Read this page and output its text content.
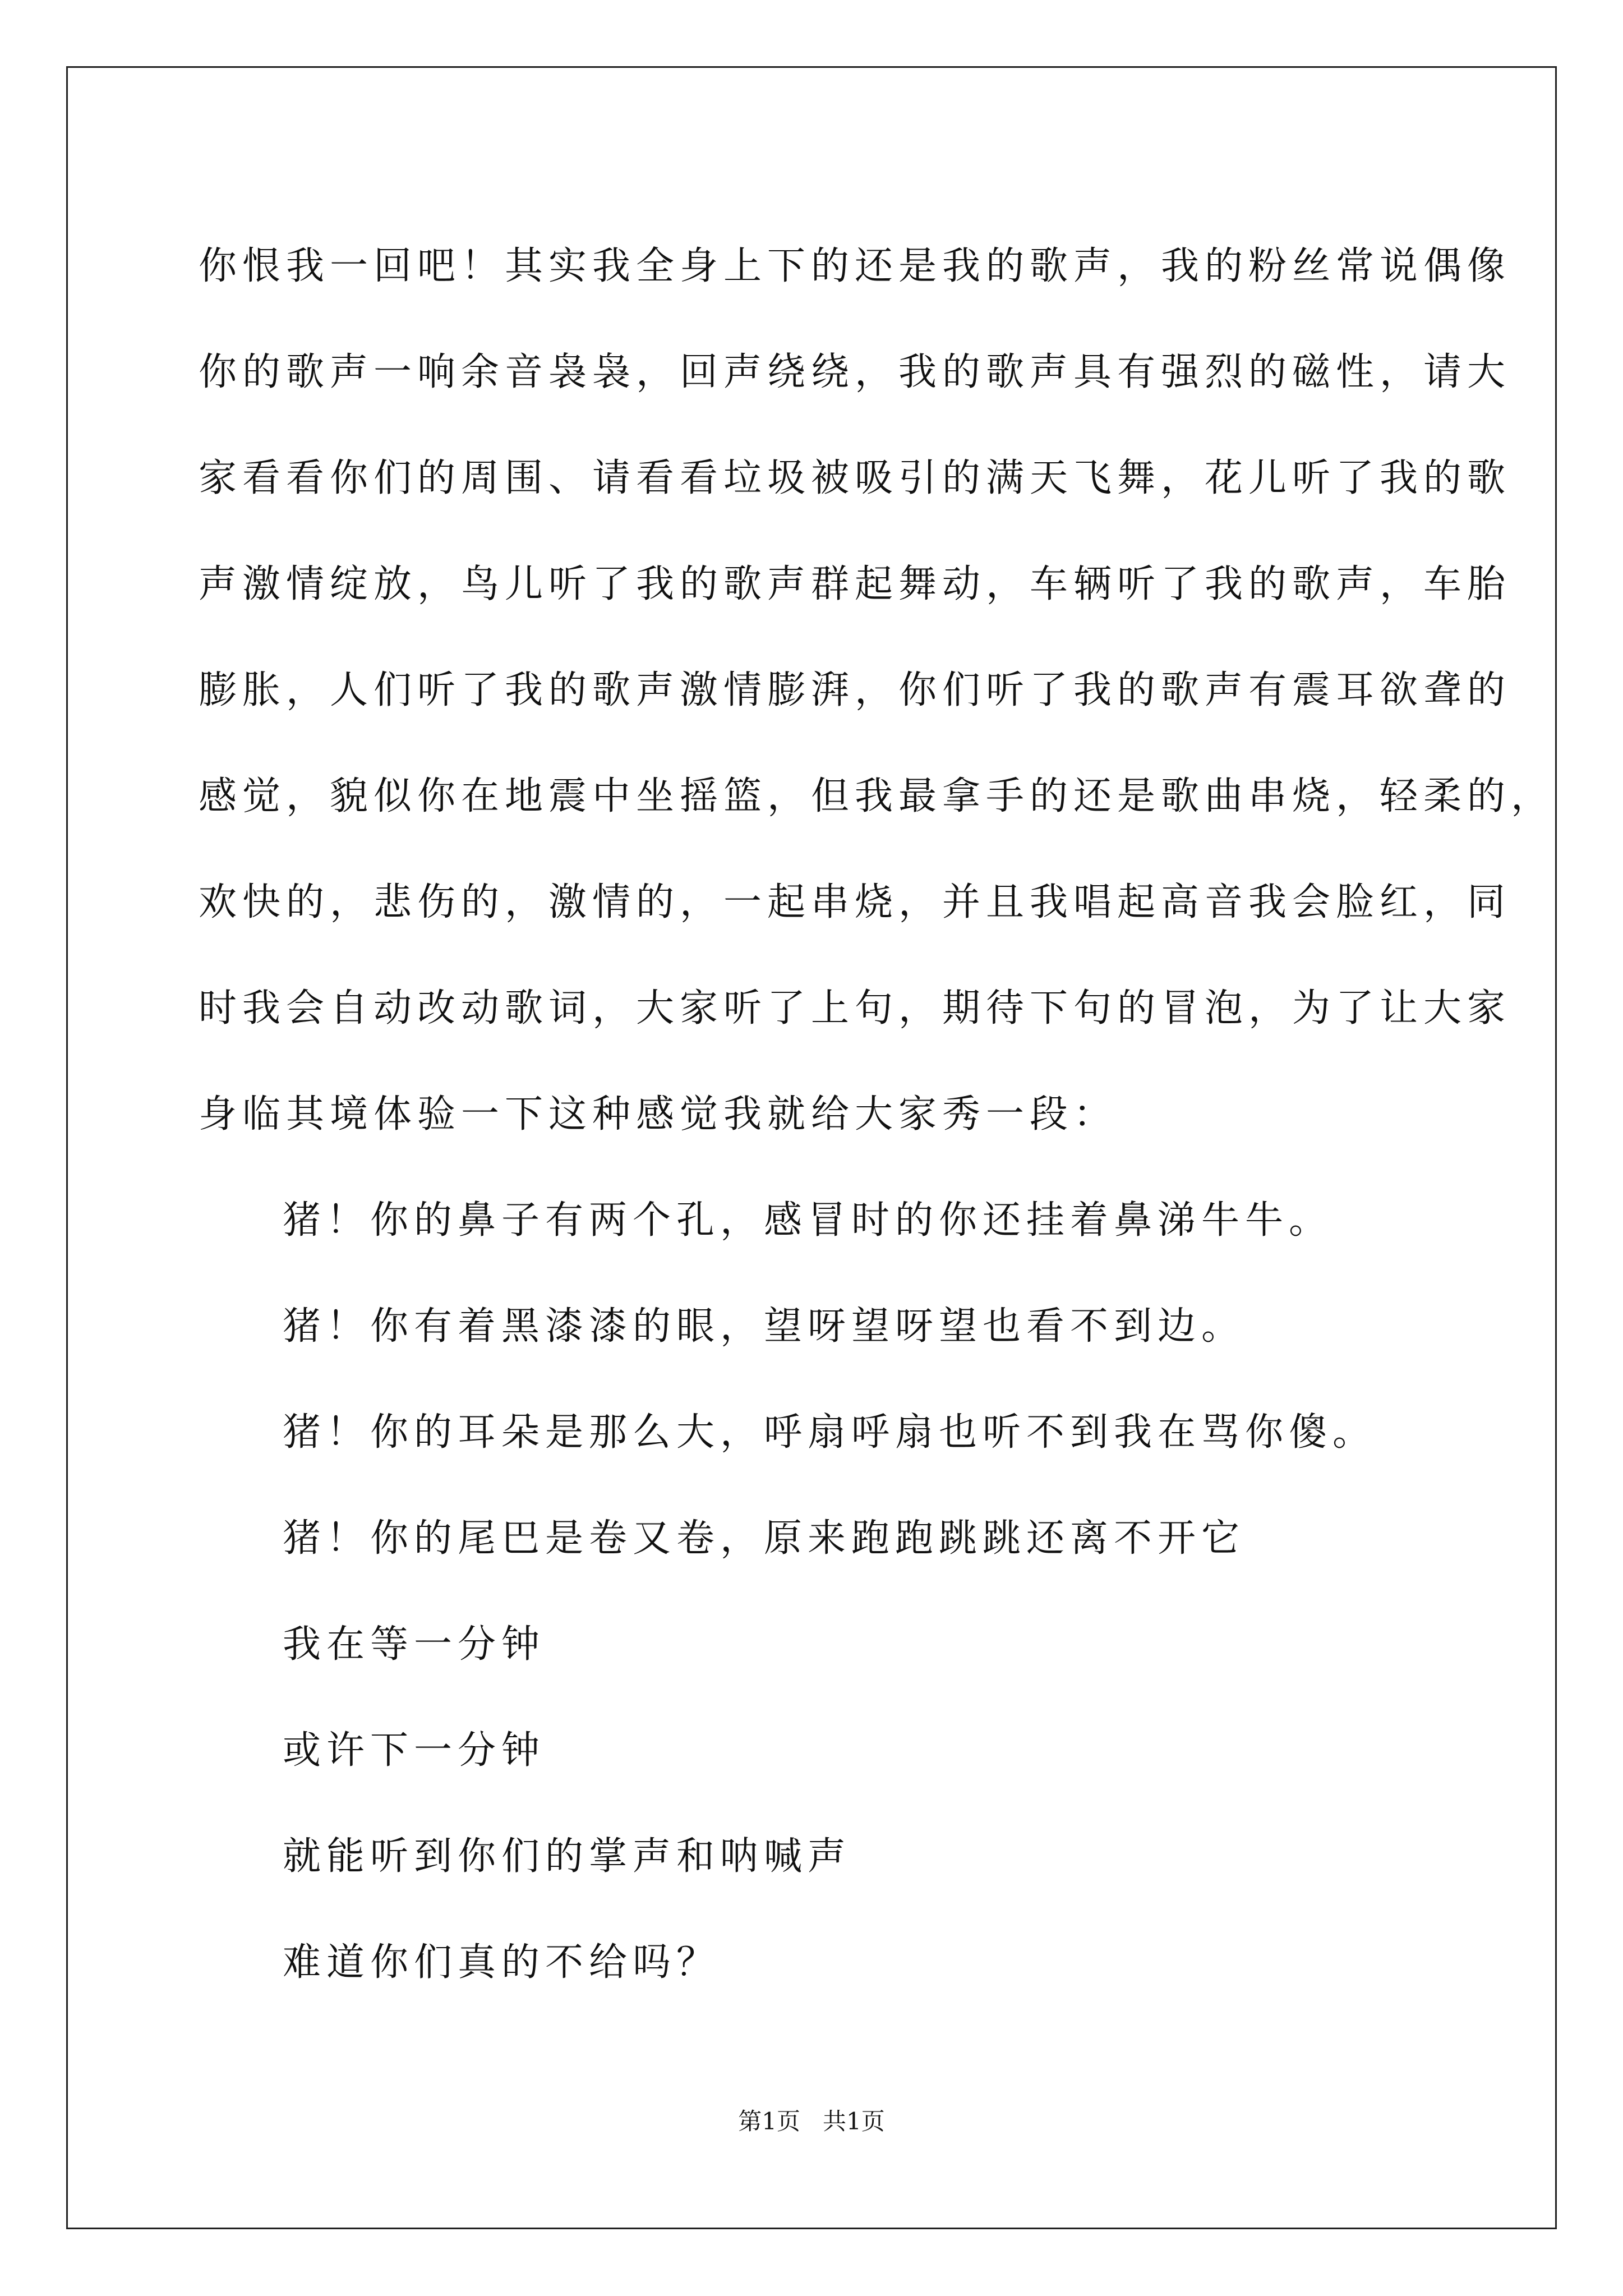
你恨我一回吧！其实我全身上下的还是我的歌声，我的粉丝常说偶像
你的歌声一响余音袅袅，回声绕绕，我的歌声具有强烈的磁性，请大
家看看你们的周围、请看看垃圾被吸引的满天飞舞，花儿听了我的歌
声激情绽放，鸟儿听了我的歌声群起舞动，车辆听了我的歌声，车胎
膨胀，人们听了我的歌声激情膨湃，你们听了我的歌声有震耳欲聋的
感觉，貌似你在地震中坐摇篮，但我最拿手的还是歌曲串烧，轻柔的，
欢快的，悲伤的，激情的，一起串烧，并且我唱起高音我会脸红，同
时我会自动改动歌词，大家听了上句，期待下句的冒泡，为了让大家
身临其境体验一下这种感觉我就给大家秀一段：
猪！你的鼻子有两个孔，感冒时的你还挂着鼻涕牛牛。
猪！你有着黑漆漆的眼，望呀望呀望也看不到边。
猪！你的耳朵是那么大，呼扇呼扇也听不到我在骂你傻。
猪！你的尾巴是卷又卷，原来跑跑跳跳还离不开它
我在等一分钟
或许下一分钟
就能听到你们的掌声和呐喊声
难道你们真的不给吗？
第1页 共1页
